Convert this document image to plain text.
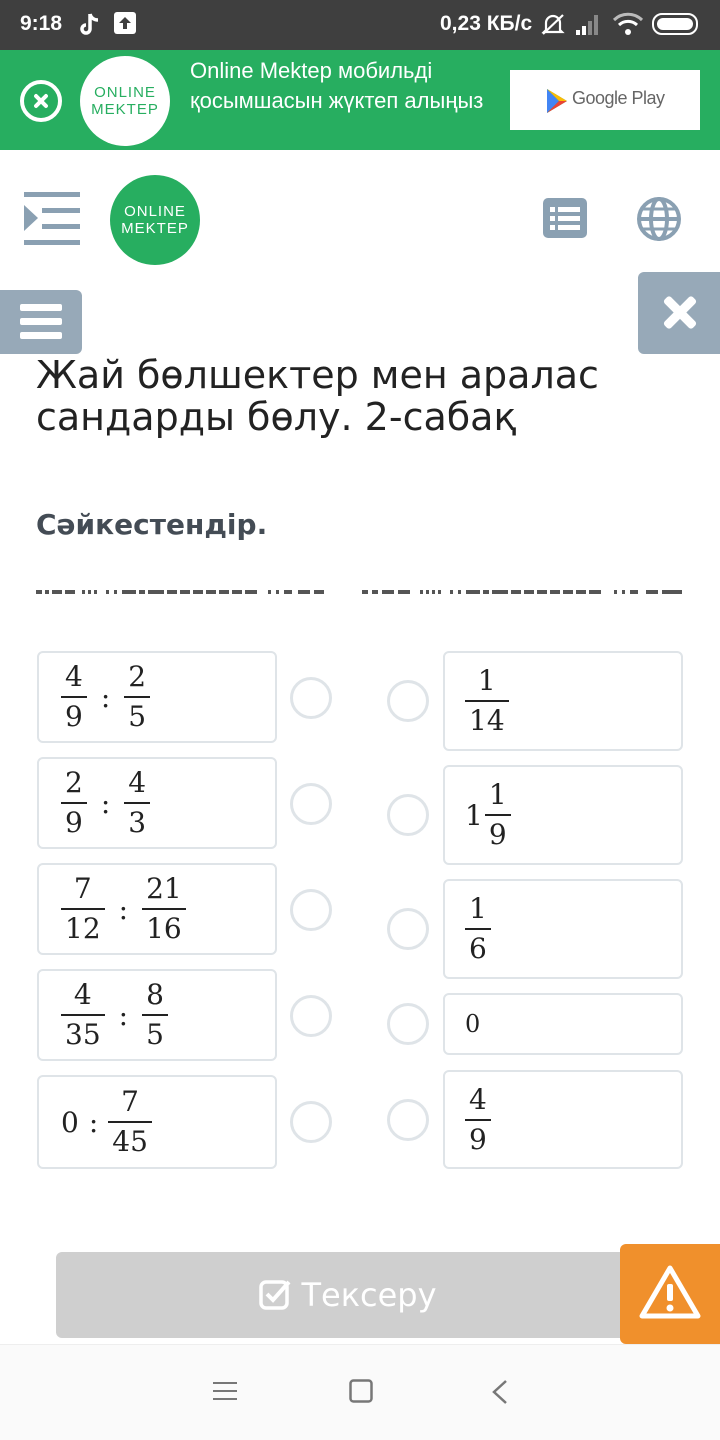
9:18	0,23 КБ/с
ONLINE
MEKTEP
Online Mektep мобильді қосымшасын жүктеп алыңыз	Google Play
ONLINE
MEKTEP
Жай бөлшектер мен аралас сандарды бөлу. 2-сабақ
Сәйкестендір.
$\frac{4}{9}$ : $\frac{2}{5}$
$\frac{2}{9}$ : $\frac{4}{3}$
$\frac{7}{12}$ : $\frac{21}{16}$
$\frac{4}{35}$ : $\frac{8}{5}$
0 : $\frac{7}{45}$
$\frac{1}{14}$
$1 \frac{1}{9}$
$\frac{1}{6}$
0
$\frac{4}{9}$
Тексеру
